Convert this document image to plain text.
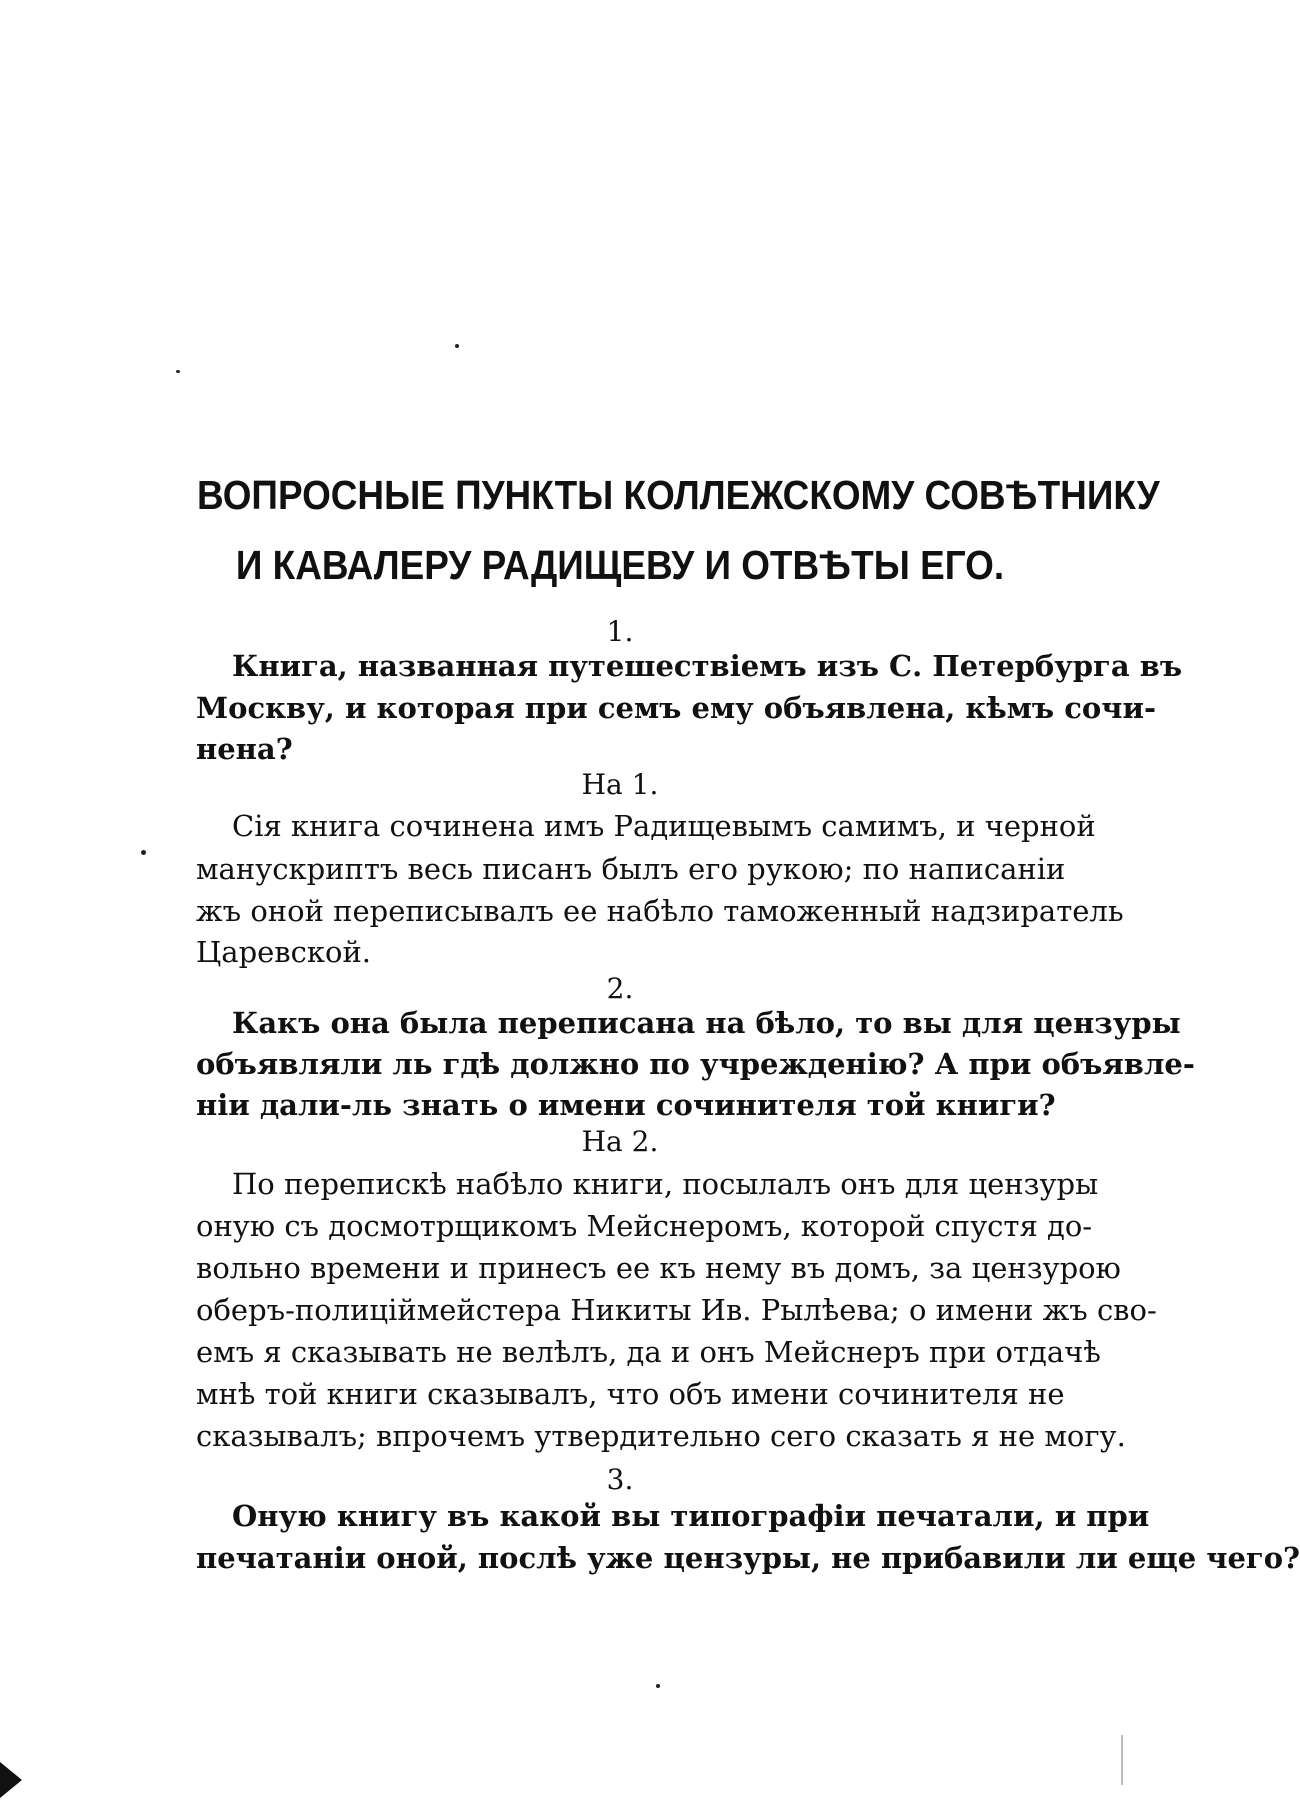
ВОПРОСНЫЕ ПУНКТЫ КОЛЛЕЖСКОМУ СОВѢТНИКУ
И КАВАЛЕРУ РАДИЩЕВУ И ОТВѢТЫ ЕГО.
1.
Книга, названная путешествіемъ изъ С. Петербурга въ
Москву, и которая при семъ ему объявлена, кѣмъ сочи-
нена?
На 1.
Сія книга сочинена имъ Радищевымъ самимъ, и черной
манускриптъ весь писанъ былъ его рукою; по написаніи
жъ оной переписывалъ ее набѣло таможенный надзиратель
Царевской.
2.
Какъ она была переписана на бѣло, то вы для цензуры
объявляли ль гдѣ должно по учрежденію? А при объявле-
ніи дали-ль знать о имени сочинителя той книги?
На 2.
По перепискѣ набѣло книги, посылалъ онъ для цензуры
оную съ досмотрщикомъ Мейснеромъ, которой спустя до-
вольно времени и принесъ ее къ нему въ домъ, за цензурою
оберъ-полицiймейстера Никиты Ив. Рылѣева; о имени жъ сво-
емъ я сказывать не велѣлъ, да и онъ Мейснеръ при отдачѣ
мнѣ той книги сказывалъ, что объ имени сочинителя не
сказывалъ; впрочемъ утвердительно сего сказать я не могу.
3.
Оную книгу въ какой вы типографіи печатали, и при
печатаніи оной, послѣ уже цензуры, не прибавили ли еще чего?
